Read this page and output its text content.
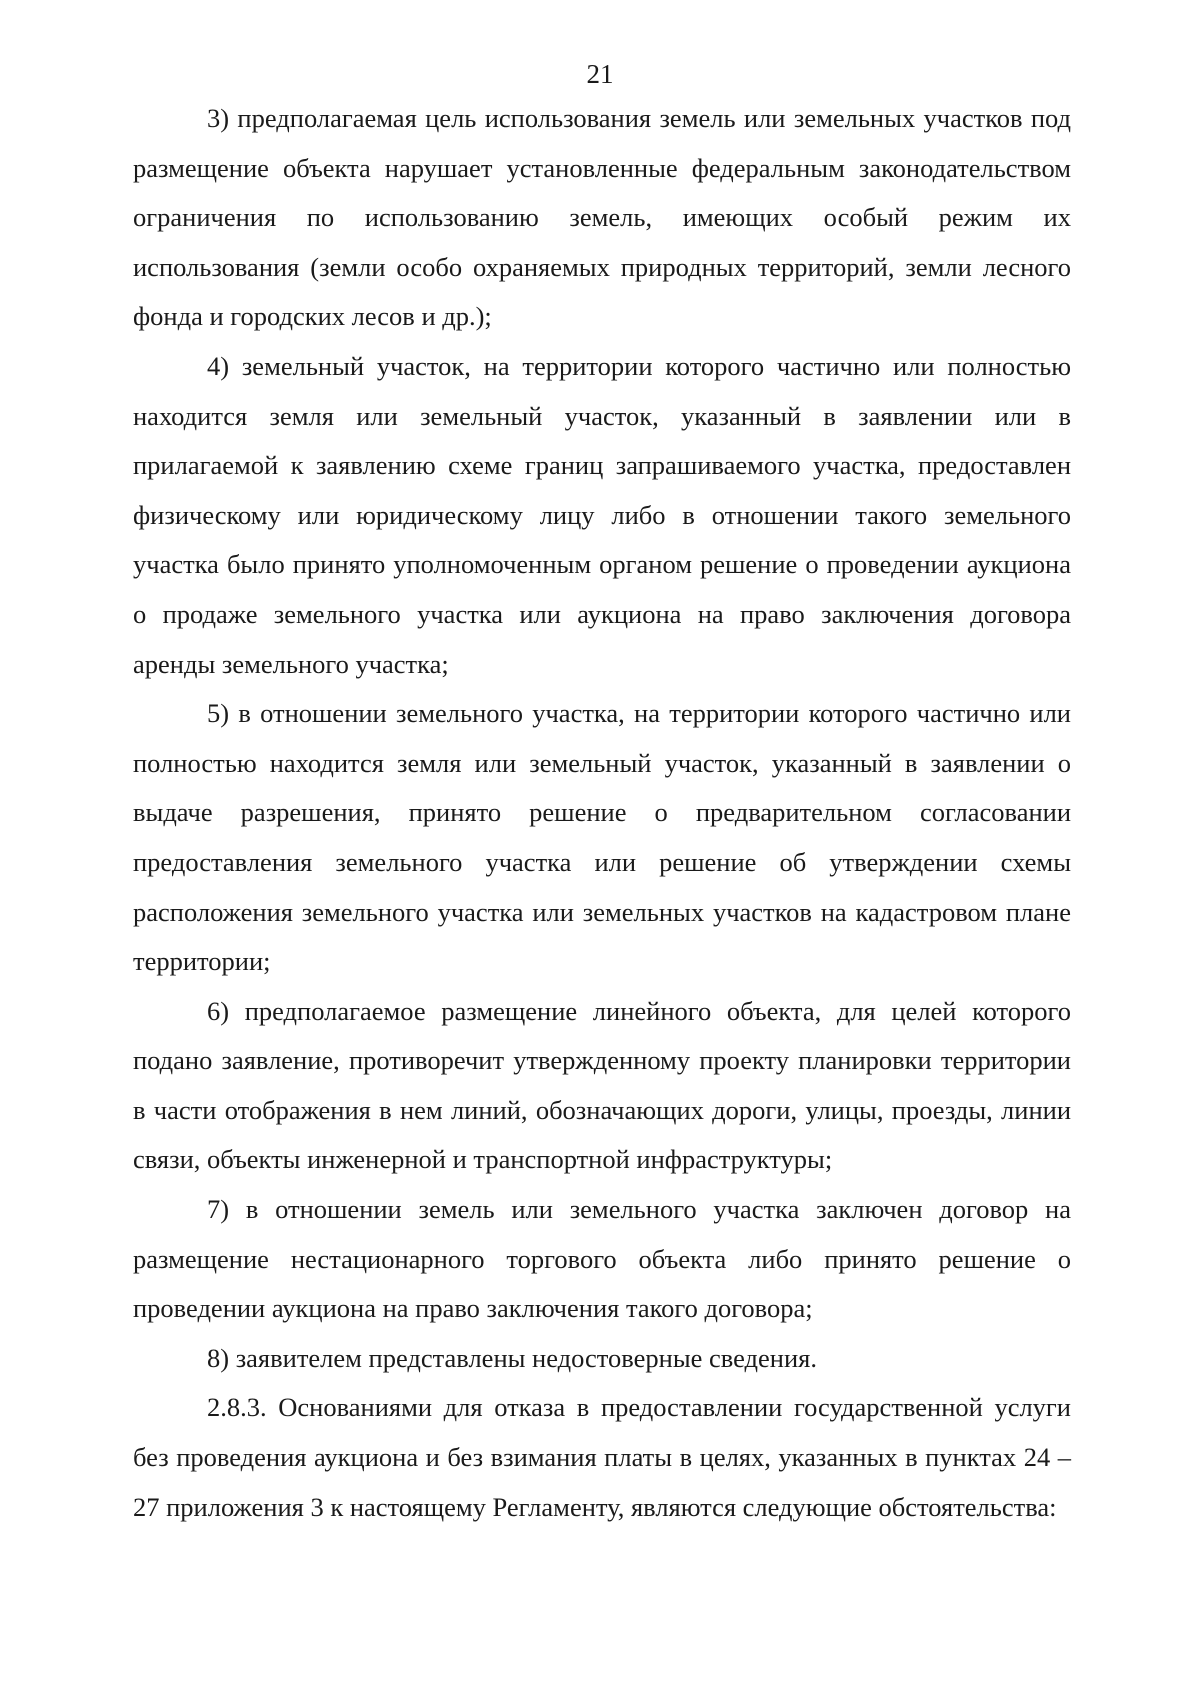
21

3) предполагаемая цель использования земель или земельных участков под размещение объекта нарушает установленные федеральным законодательством ограничения по использованию земель, имеющих особый режим их использования (земли особо охраняемых природных территорий, земли лесного фонда и городских лесов и др.);

4) земельный участок, на территории которого частично или полностью находится земля или земельный участок, указанный в заявлении или в прилагаемой к заявлению схеме границ запрашиваемого участка, предоставлен физическому или юридическому лицу либо в отношении такого земельного участка было принято уполномоченным органом решение о проведении аукциона о продаже земельного участка или аукциона на право заключения договора аренды земельного участка;

5) в отношении земельного участка, на территории которого частично или полностью находится земля или земельный участок, указанный в заявлении о выдаче разрешения, принято решение о предварительном согласовании предоставления земельного участка или решение об утверждении схемы расположения земельного участка или земельных участков на кадастровом плане территории;

6) предполагаемое размещение линейного объекта, для целей которого подано заявление, противоречит утвержденному проекту планировки территории в части отображения в нем линий, обозначающих дороги, улицы, проезды, линии связи, объекты инженерной и транспортной инфраструктуры;

7) в отношении земель или земельного участка заключен договор на размещение нестационарного торгового объекта либо принято решение о проведении аукциона на право заключения такого договора;

8) заявителем представлены недостоверные сведения.

2.8.3. Основаниями для отказа в предоставлении государственной услуги без проведения аукциона и без взимания платы в целях, указанных в пунктах 24 – 27 приложения 3 к настоящему Регламенту, являются следующие обстоятельства:
